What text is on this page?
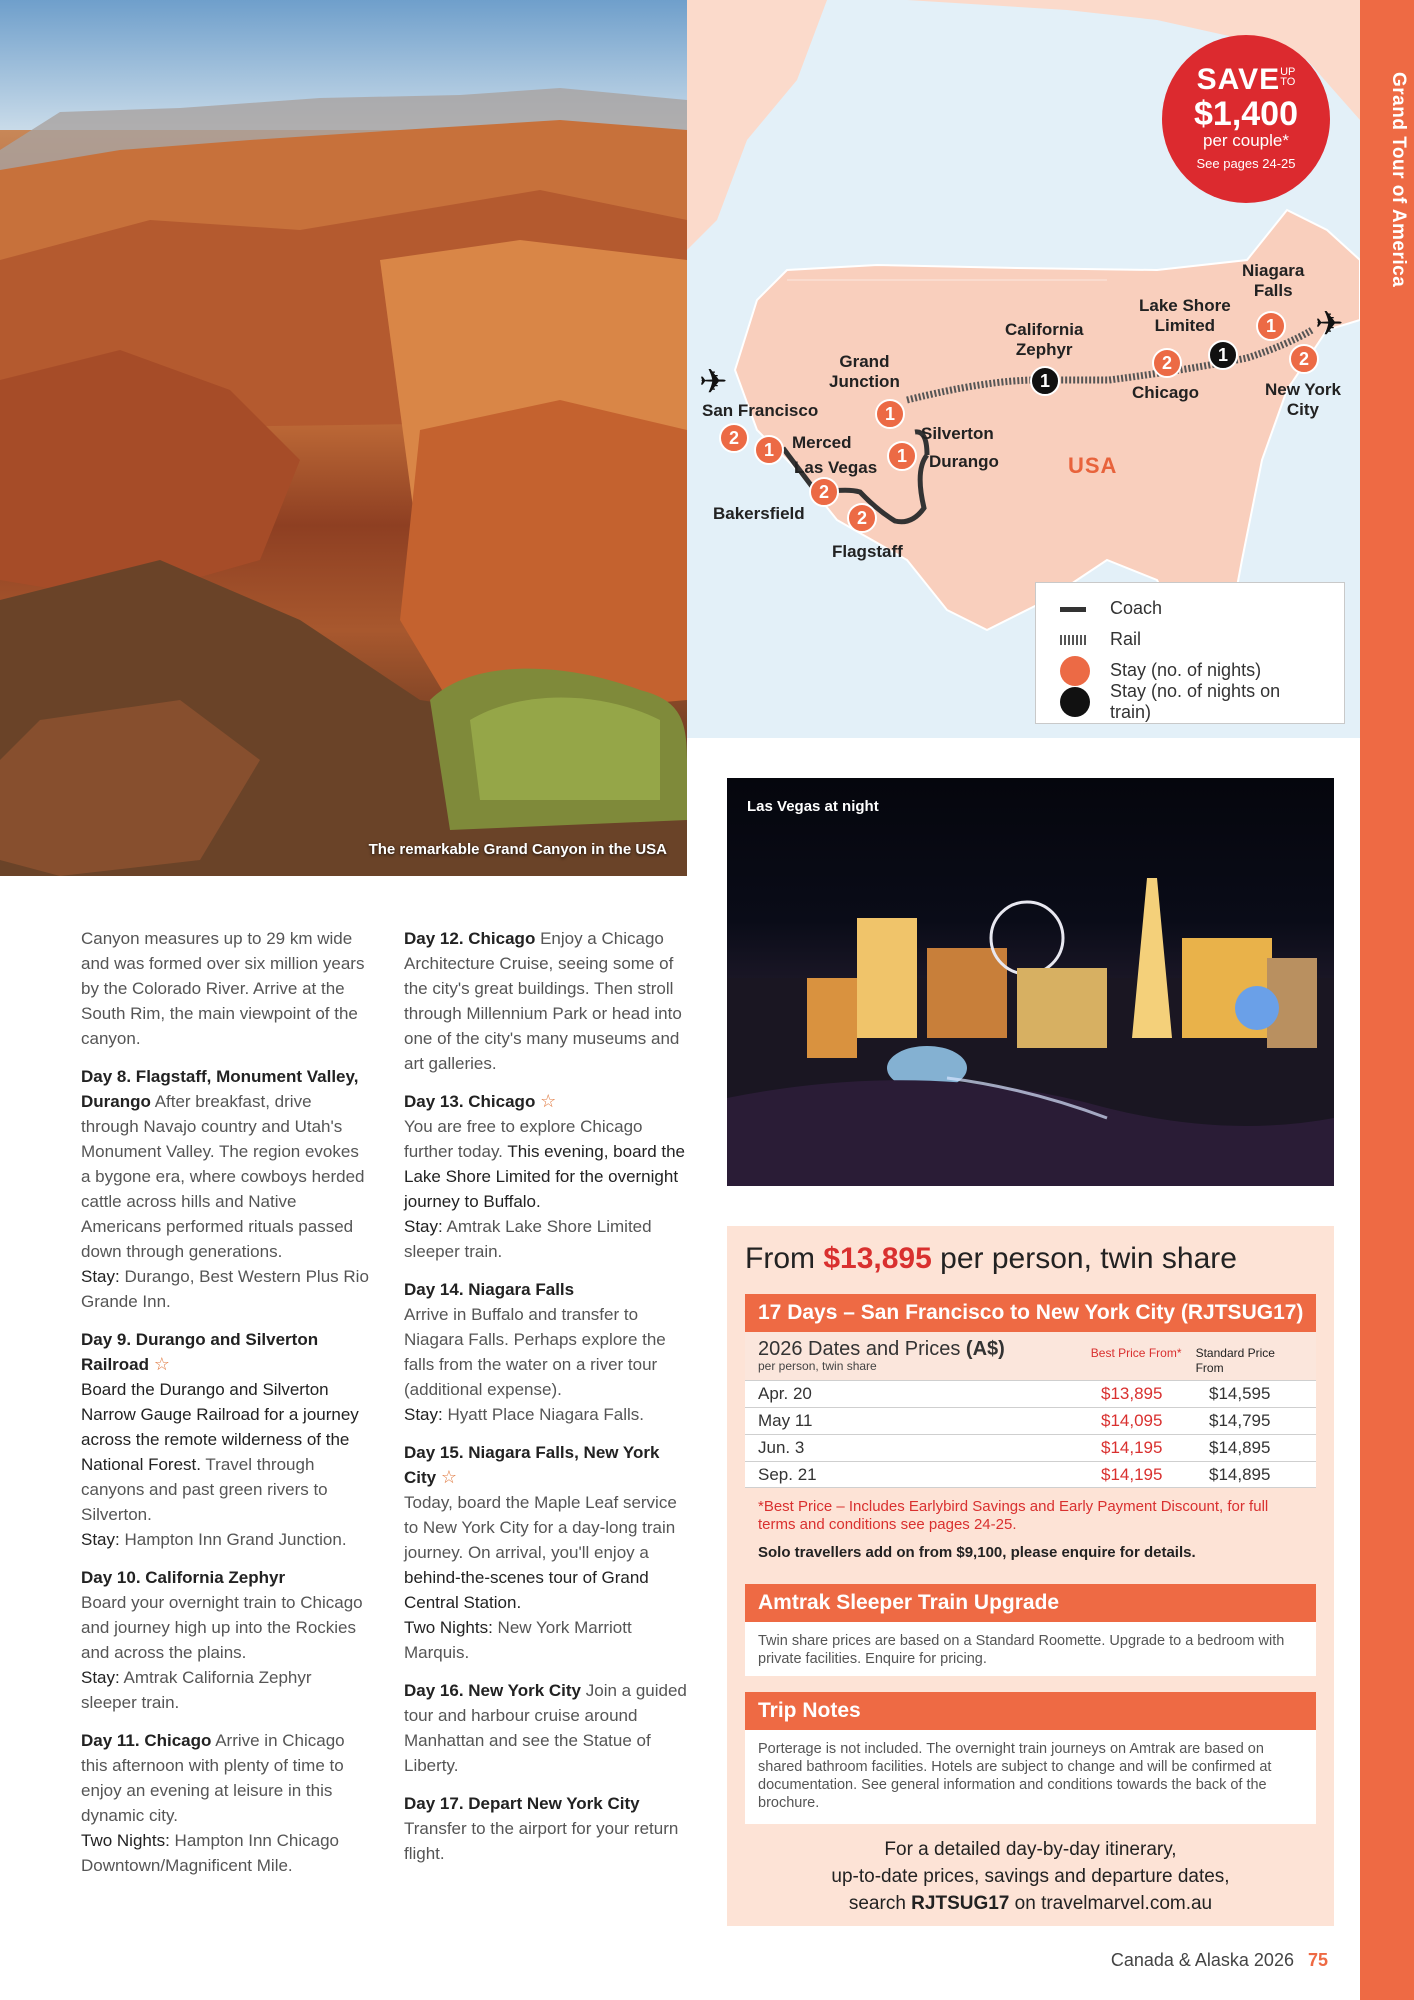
The remarkable Grand Canyon in the USA
✈
✈
San Francisco
Merced
Las Vegas
Bakersfield
Flagstaff
Durango
Silverton
Grand
Junction
California
Zephyr
Chicago
Lake Shore
Limited
Niagara
Falls
New York
City
USA
2
1
2
2
1
1
1
2	1
1
2
SAVEUP
TO
$1,400
per couple*
See pages 24-25
Coach
Rail
Stay (no. of nights)
Stay (no. of nights on train)
Grand Tour of America
Las Vegas at night

Canyon measures up to 29 km wide and was formed over six million years by the Colorado River. Arrive at the South Rim, the main viewpoint of the canyon.

Day 8. Flagstaff, Monument Valley, Durango After breakfast, drive through Navajo country and Utah's Monument Valley. The region evokes a bygone era, where cowboys herded cattle across hills and Native Americans performed rituals passed down through generations.
Stay: Durango, Best Western Plus Rio Grande Inn.

Day 9. Durango and Silverton Railroad ☆
Board the Durango and Silverton Narrow Gauge Railroad for a journey across the remote wilderness of the National Forest. Travel through canyons and past green rivers to Silverton.
Stay: Hampton Inn Grand Junction.

Day 10. California Zephyr
Board your overnight train to Chicago and journey high up into the Rockies and across the plains.
Stay: Amtrak California Zephyr sleeper train.

Day 11. Chicago Arrive in Chicago this afternoon with plenty of time to enjoy an evening at leisure in this dynamic city.
Two Nights: Hampton Inn Chicago Downtown/Magnificent Mile.

Day 12. Chicago Enjoy a Chicago Architecture Cruise, seeing some of the city's great buildings. Then stroll through Millennium Park or head into one of the city's many museums and art galleries.

Day 13. Chicago ☆
You are free to explore Chicago further today. This evening, board the Lake Shore Limited for the overnight journey to Buffalo.
Stay: Amtrak Lake Shore Limited sleeper train.

Day 14. Niagara Falls
Arrive in Buffalo and transfer to Niagara Falls. Perhaps explore the falls from the water on a river tour (additional expense).
Stay: Hyatt Place Niagara Falls.

Day 15. Niagara Falls, New York City ☆
Today, board the Maple Leaf service to New York City for a day-long train journey. On arrival, you'll enjoy a behind-the-scenes tour of Grand Central Station.
Two Nights: New York Marriott Marquis.

Day 16. New York City Join a guided tour and harbour cruise around Manhattan and see the Statue of Liberty.

Day 17. Depart New York City
Transfer to the airport for your return flight.

From $13,895 per person, twin share
17 Days – San Francisco to New York City (RJTSUG17)
2026 Dates and Prices (A$)
per person, twin share
Best Price From*	Standard Price From
Apr. 20	$13,895	$14,595
May 11	$14,095	$14,795
Jun. 3	$14,195	$14,895
Sep. 21	$14,195	$14,895
*Best Price – Includes Earlybird Savings and Early Payment Discount, for full terms and conditions see pages 24-25.
Solo travellers add on from $9,100, please enquire for details.
Amtrak Sleeper Train Upgrade
Twin share prices are based on a Standard Roomette. Upgrade to a bedroom with private facilities. Enquire for pricing.
Trip Notes
Porterage is not included. The overnight train journeys on Amtrak are based on shared bathroom facilities. Hotels are subject to change and will be confirmed at documentation. See general information and conditions towards the back of the brochure.
For a detailed day-by-day itinerary,
up-to-date prices, savings and departure dates,
search RJTSUG17 on travelmarvel.com.au
Canada & Alaska 2026 75
